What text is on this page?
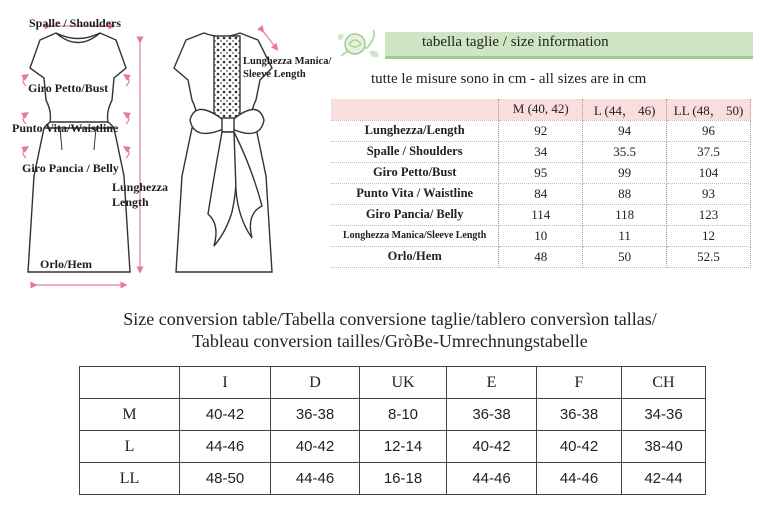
Spalle / Shoulders
Giro Petto/Bust
Punto Vita/Waistline
Giro Pancia / Belly
Lunghezza
Length
Orlo/Hem
Lunghezza Manica/
Sleeve Length
tabella taglie / size information
tutte le misure sono in cm - all sizes are in cm
	M (40, 42)	L (44， 46)	LL (48， 50)
Lunghezza/Length	92	94	96
Spalle / Shoulders	34	35.5	37.5
Giro Petto/Bust	95	99	104
Punto Vita / Waistline	84	88	93
Giro Pancia/ Belly	114	118	123
Longhezza Manica/Sleeve Length	10	11	12
Orlo/Hem	48	50	52.5
Size conversion table/Tabella conversione taglie/tablero conversìon tallas/
Tableau conversion tailles/GròBe-Umrechnungstabelle
	I	D	UK	E	F	CH
M	40-42	36-38	8-10	36-38	36-38	34-36
L	44-46	40-42	12-14	40-42	40-42	38-40
LL	48-50	44-46	16-18	44-46	44-46	42-44
